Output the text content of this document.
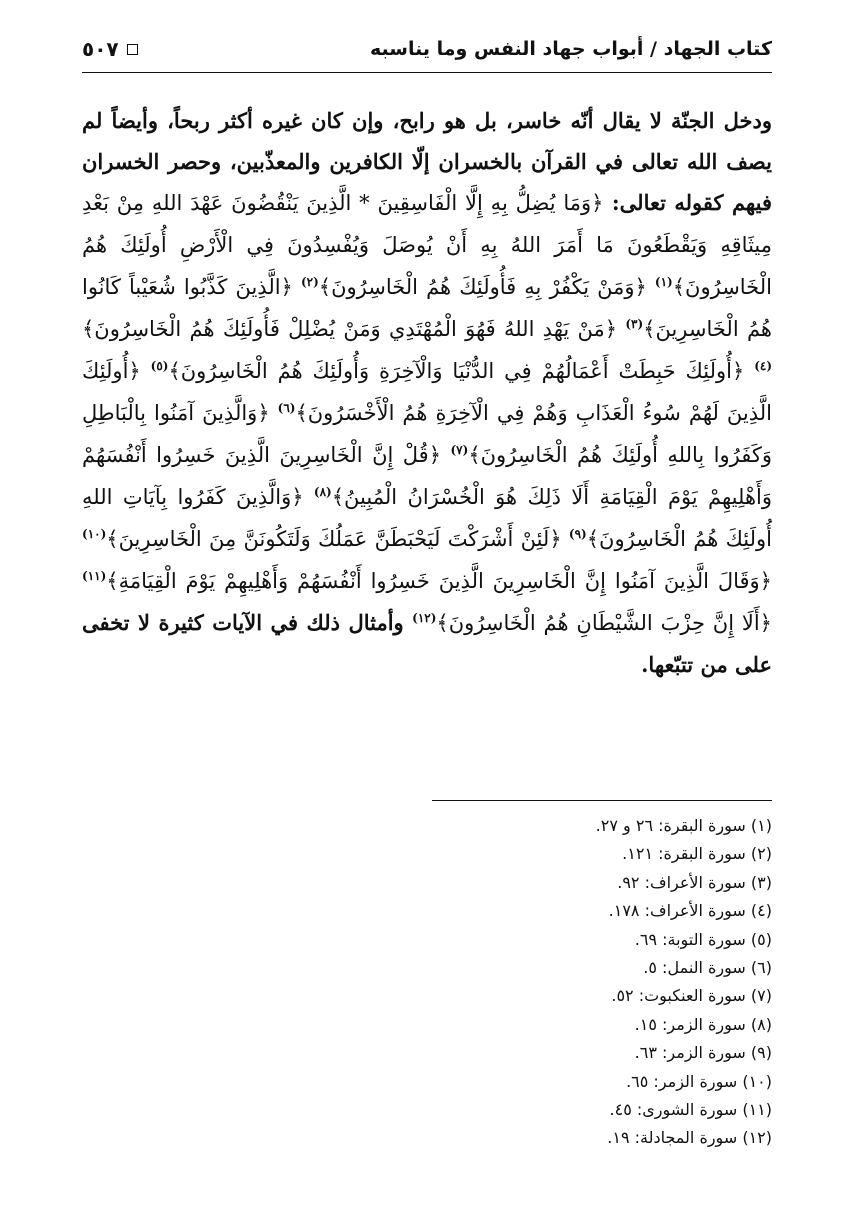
كتاب الجهاد / أبواب جهاد النفس وما يناسبه
٥٠٧

ودخل الجنّة لا يقال أنّه خاسر، بل هو رابح، وإن كان غيره أكثر ربحاً، وأيضاً لم يصف الله تعالى في القرآن بالخسران إلّا الكافرين والمعذّبين، وحصر الخسران فيهم كقوله تعالى: ﴿وَمَا يُضِلُّ بِهِ إِلَّا الْفَاسِقِينَ * الَّذِينَ يَنْقُضُونَ عَهْدَ اللهِ مِنْ بَعْدِ مِيثَاقِهِ وَيَقْطَعُونَ مَا أَمَرَ اللهُ بِهِ أَنْ يُوصَلَ وَيُفْسِدُونَ فِي الْأَرْضِ أُولَئِكَ هُمُ الْخَاسِرُونَ﴾$^{(١)}$ ﴿وَمَنْ يَكْفُرْ بِهِ فَأُولَئِكَ هُمُ الْخَاسِرُونَ﴾$^{(٢)}$ ﴿الَّذِينَ كَذَّبُوا شُعَيْباً كَانُوا هُمُ الْخَاسِرِينَ﴾$^{(٣)}$ ﴿مَنْ يَهْدِ اللهُ فَهُوَ الْمُهْتَدِي وَمَنْ يُضْلِلْ فَأُولَئِكَ هُمُ الْخَاسِرُونَ﴾$^{(٤)}$ ﴿أُولَئِكَ حَبِطَتْ أَعْمَالُهُمْ فِي الدُّنْيَا وَالْآخِرَةِ وَأُولَئِكَ هُمُ الْخَاسِرُونَ﴾$^{(٥)}$ ﴿أُولَئِكَ الَّذِينَ لَهُمْ سُوءُ الْعَذَابِ وَهُمْ فِي الْآخِرَةِ هُمُ الْأَخْسَرُونَ﴾$^{(٦)}$ ﴿وَالَّذِينَ آمَنُوا بِالْبَاطِلِ وَكَفَرُوا بِاللهِ أُولَئِكَ هُمُ الْخَاسِرُونَ﴾$^{(٧)}$ ﴿قُلْ إِنَّ الْخَاسِرِينَ الَّذِينَ خَسِرُوا أَنْفُسَهُمْ وَأَهْلِيهِمْ يَوْمَ الْقِيَامَةِ أَلَا ذَلِكَ هُوَ الْخُسْرَانُ الْمُبِينُ﴾$^{(٨)}$ ﴿وَالَّذِينَ كَفَرُوا بِآيَاتِ اللهِ أُولَئِكَ هُمُ الْخَاسِرُونَ﴾$^{(٩)}$ ﴿لَئِنْ أَشْرَكْتَ لَيَحْبَطَنَّ عَمَلُكَ وَلَتَكُونَنَّ مِنَ الْخَاسِرِينَ﴾$^{(١٠)}$ ﴿وَقَالَ الَّذِينَ آمَنُوا إِنَّ الْخَاسِرِينَ الَّذِينَ خَسِرُوا أَنْفُسَهُمْ وَأَهْلِيهِمْ يَوْمَ الْقِيَامَةِ﴾$^{(١١)}$ ﴿أَلَا إِنَّ حِزْبَ الشَّيْطَانِ هُمُ الْخَاسِرُونَ﴾$^{(١٢)}$ وأمثال ذلك في الآيات كثيرة لا تخفى على من تتبّعها.

(١) سورة البقرة: ٢٦ و ٢٧.
(٢) سورة البقرة: ١٢١.
(٣) سورة الأعراف: ٩٢.
(٤) سورة الأعراف: ١٧٨.
(٥) سورة التوبة: ٦٩.
(٦) سورة النمل: ٥.
(٧) سورة العنكبوت: ٥٢.
(٨) سورة الزمر: ١٥.
(٩) سورة الزمر: ٦٣.
(١٠) سورة الزمر: ٦٥.
(١١) سورة الشورى: ٤٥.
(١٢) سورة المجادلة: ١٩.
